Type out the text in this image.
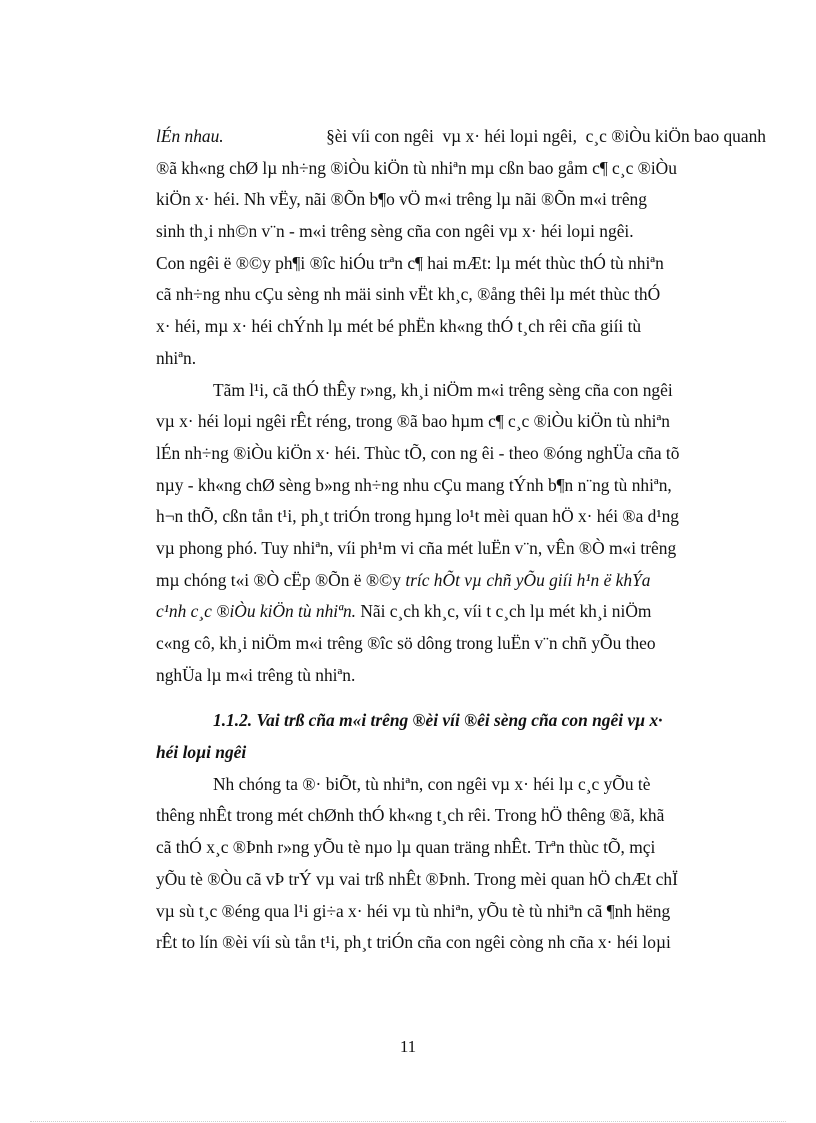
lÉn nhau.	§èi víi con ngêi  vµ x· héi loµi ngêi,  c¸c ®iÒu kiÖn bao quanh
®ã kh«ng chØ lµ nh÷ng ®iÒu kiÖn tù nhiªn mµ cßn bao gåm c¶ c¸c ®iÒu
kiÖn x· héi. Nh vËy, nãi ®Õn b¶o vÖ m«i trêng lµ nãi ®Õn m«i trêng
sinh th¸i nh©n v¨n - m«i trêng sèng cña con ngêi vµ x· héi loµi ngêi.
Con ngêi ë ®©y ph¶i ®îc hiÓu trªn c¶ hai mÆt: lµ mét thùc thÓ tù nhiªn
cã nh÷ng nhu cÇu sèng nh mäi sinh vËt kh¸c, ®ång thêi lµ mét thùc thÓ
x· héi, mµ x· héi chÝnh lµ mét bé phËn kh«ng thÓ t¸ch rêi cña giíi tù
nhiªn.
Tãm l¹i, cã thÓ thÊy r»ng, kh¸i niÖm m«i trêng sèng cña con ngêi
vµ x· héi loµi ngêi rÊt réng, trong ®ã bao hµm c¶ c¸c ®iÒu kiÖn tù nhiªn
lÉn nh÷ng ®iÒu kiÖn x· héi. Thùc tÕ, con ng êi - theo ®óng nghÜa cña tõ
nµy - kh«ng chØ sèng b»ng nh÷ng nhu cÇu mang tÝnh b¶n n¨ng tù nhiªn,
h¬n thÕ, cßn tån t¹i, ph¸t triÓn trong hµng lo¹t mèi quan hÖ x· héi ®a d¹ng
vµ phong phó. Tuy nhiªn, víi ph¹m vi cña mét luËn v¨n, vÊn ®Ò m«i trêng
mµ chóng t«i ®Ò cËp ®Õn ë ®©y tríc hÕt vµ chñ yÕu giíi h¹n ë khÝa
c¹nh c¸c ®iÒu kiÖn tù nhiªn. Nãi c¸ch kh¸c, víi t c¸ch lµ mét kh¸i niÖm
c«ng cô, kh¸i niÖm m«i trêng ®îc sö dông trong luËn v¨n chñ yÕu theo
nghÜa lµ m«i trêng tù nhiªn.
1.1.2. Vai trß cña m«i trêng ®èi víi ®êi sèng cña con ngêi vµ x·
héi loµi ngêi
Nh chóng ta ®· biÕt, tù nhiªn, con ngêi vµ x· héi lµ c¸c yÕu tè
thêng nhÊt trong mét chØnh thÓ kh«ng t¸ch rêi. Trong hÖ thêng ®ã, khã
cã thÓ x¸c ®Þnh r»ng yÕu tè nµo lµ quan träng nhÊt. Trªn thùc tÕ, mçi
yÕu tè ®Òu cã vÞ trÝ vµ vai trß nhÊt ®Þnh. Trong mèi quan hÖ chÆt chÏ
vµ sù t¸c ®éng qua l¹i gi÷a x· héi vµ tù nhiªn, yÕu tè tù nhiªn cã ¶nh hëng
rÊt to lín ®èi víi sù tån t¹i, ph¸t triÓn cña con ngêi còng nh cña x· héi loµi
11
